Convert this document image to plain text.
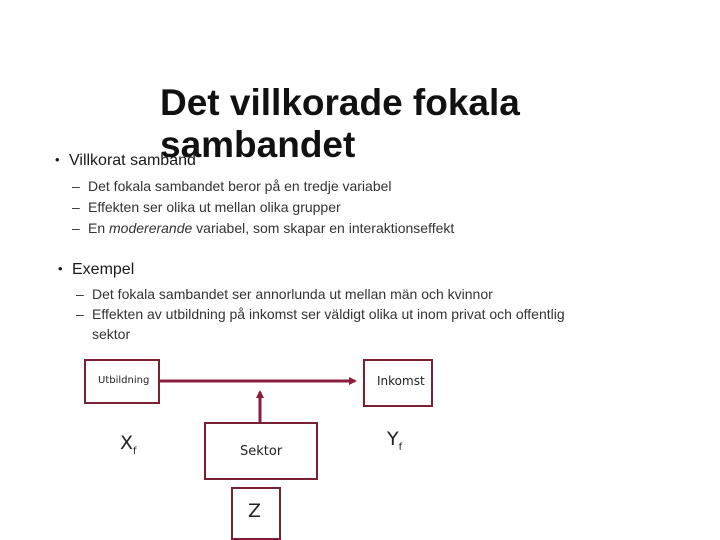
Det villkorade fokala sambandet
• Villkorat samband
– Det fokala sambandet beror på en tredje variabel
– Effekten ser olika ut mellan olika grupper
– En modererande variabel, som skapar en interaktionseffekt
• Exempel
– Det fokala sambandet ser annorlunda ut mellan män och kvinnor
– Effekten av utbildning på inkomst ser väldigt olika ut inom privat och offentlig
sektor
Utbildning	Inkomst
Sektor
$X_f$
$Y_f$
Z
